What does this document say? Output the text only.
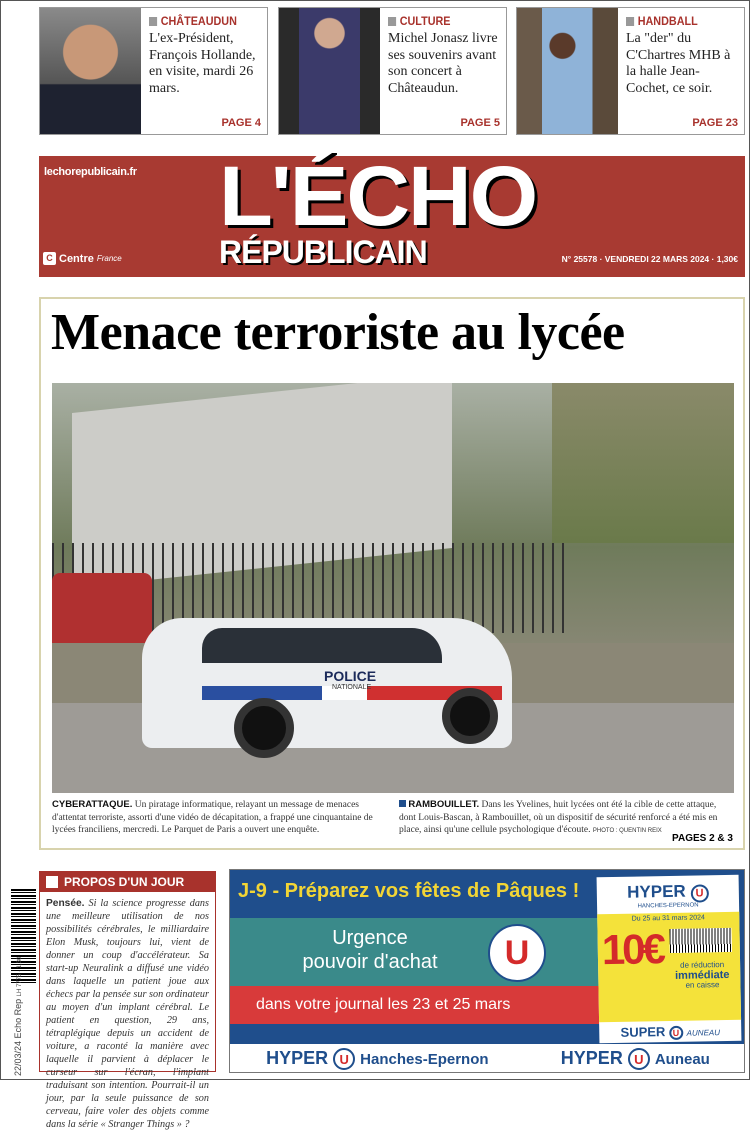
CHÂTEAUDUN
L'ex-Président, François Hollande, en visite, mardi 26 mars.
PAGE 4
CULTURE
Michel Jonasz livre ses souvenirs avant son concert à Châteaudun.
PAGE 5
HANDBALL
La "der" du C'Chartres MHB à la halle Jean-Cochet, ce soir.
PAGE 23
lechorepublicain.fr L'ÉCHO
RÉPUBLICAIN
C Centre France	N° 25578 · VENDREDI 22 MARS 2024 · 1,30€
Menace terroriste au lycée
POLICE
NATIONALE
CYBERATTAQUE. Un piratage informatique, relayant un message de menaces d'attentat terroriste, assorti d'une vidéo de décapitation, a frappé une cinquantaine de lycées franciliens, mercredi. Le Parquet de Paris a ouvert une enquête.
RAMBOUILLET. Dans les Yvelines, huit lycées ont été la cible de cette attaque, dont Louis-Bascan, à Rambouillet, où un dispositif de sécurité renforcé a été mis en place, ainsi qu'une cellule psychologique d'écoute. PHOTO : QUENTIN REIX
PAGES 2 & 3
22/03/24 Echo Rep LH 7775 · 1,30
PROPOS D'UN JOUR
Pensée. Si la science progresse dans une meilleure utilisation de nos possibilités cérébrales, le milliardaire Elon Musk, toujours lui, vient de donner un coup d'accélérateur. Sa start-up Neuralink a diffusé une vidéo dans laquelle un patient joue aux échecs par la pensée sur son ordinateur au moyen d'un implant cérébral. Le patient en question, 29 ans, tétraplégique depuis un accident de voiture, a raconté la manière avec laquelle il parvient à déplacer le curseur sur l'écran, l'implant traduisant son intention. Pourrait-il un jour, par la seule puissance de son cerveau, faire voler des objets comme dans la série « Stranger Things » ?
J-9 - Préparez vos fêtes de Pâques !
Urgence
pouvoir d'achat	U
dans votre journal les 23 et 25 mars
HYPER U
HANCHES-EPERNON
Du 25 au 31 mars 2024
10€	de réduction
immédiate
en caisse
SUPER U AUNEAU
HYPER U Hanches-Epernon	HYPER U Auneau
